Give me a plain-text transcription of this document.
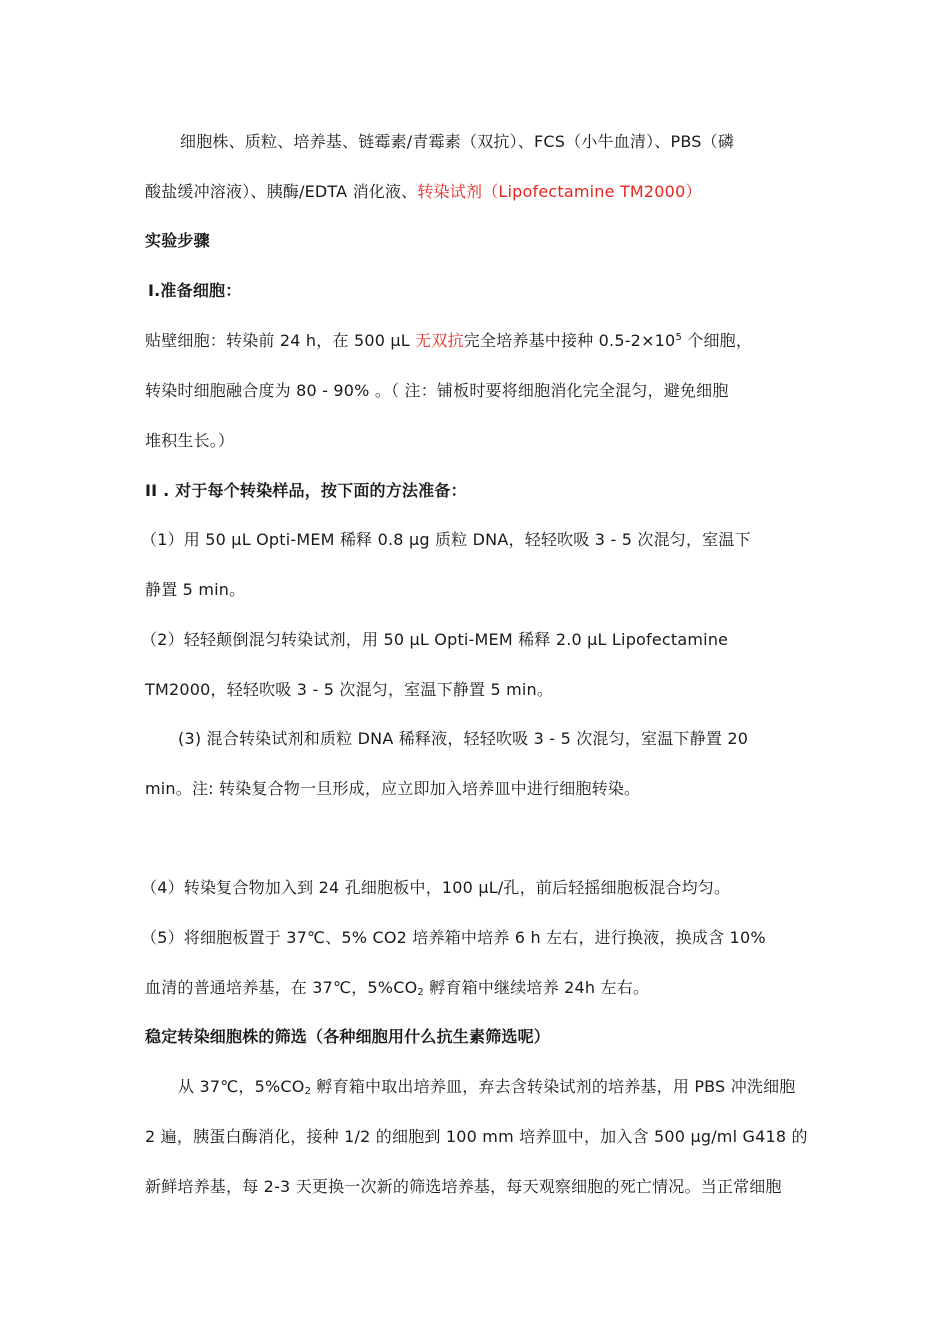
细胞株、质粒、培养基、链霉素/青霉素（双抗）、FCS（小牛血清）、PBS（磷
酸盐缓冲溶液）、胰酶/EDTA 消化液、转染试剂（Lipofectamine TM2000）
实验步骤
Ⅰ.准备细胞：
贴壁细胞：转染前 24 h，在 500 µL 无双抗完全培养基中接种 $0.5-2\times 10^5$ 个细胞，
转染时细胞融合度为 80 - 90% 。（ 注：铺板时要将细胞消化完全混匀，避免细胞
堆积生长。）
II . 对于每个转染样品，按下面的方法准备：
（1）用 50 µL Opti-MEM 稀释 0.8 µg 质粒 DNA，轻轻吹吸 3 - 5 次混匀，室温下
静置 5 min。
（2）轻轻颠倒混匀转染试剂，用 50 µL Opti-MEM 稀释 2.0 µL Lipofectamine
TM2000，轻轻吹吸 3 - 5 次混匀，室温下静置 5 min。
(3) 混合转染试剂和质粒 DNA 稀释液，轻轻吹吸 3 - 5 次混匀，室温下静置 20
min。注: 转染复合物一旦形成，应立即加入培养皿中进行细胞转染。
（4）转染复合物加入到 24 孔细胞板中，100 µL/孔，前后轻摇细胞板混合均匀。
（5）将细胞板置于 37℃、5% CO2 培养箱中培养 6 h 左右，进行换液，换成含 10%
血清的普通培养基，在 37℃，$5\%CO_2$ 孵育箱中继续培养 24h 左右。
稳定转染细胞株的筛选（各种细胞用什么抗生素筛选呢）
从 37℃，$5\%CO_2$ 孵育箱中取出培养皿，弃去含转染试剂的培养基，用 PBS 冲洗细胞
2 遍，胰蛋白酶消化，接种 1/2 的细胞到 100 mm 培养皿中，加入含 500 µg/ml G418 的
新鲜培养基，每 2-3 天更换一次新的筛选培养基，每天观察细胞的死亡情况。当正常细胞
